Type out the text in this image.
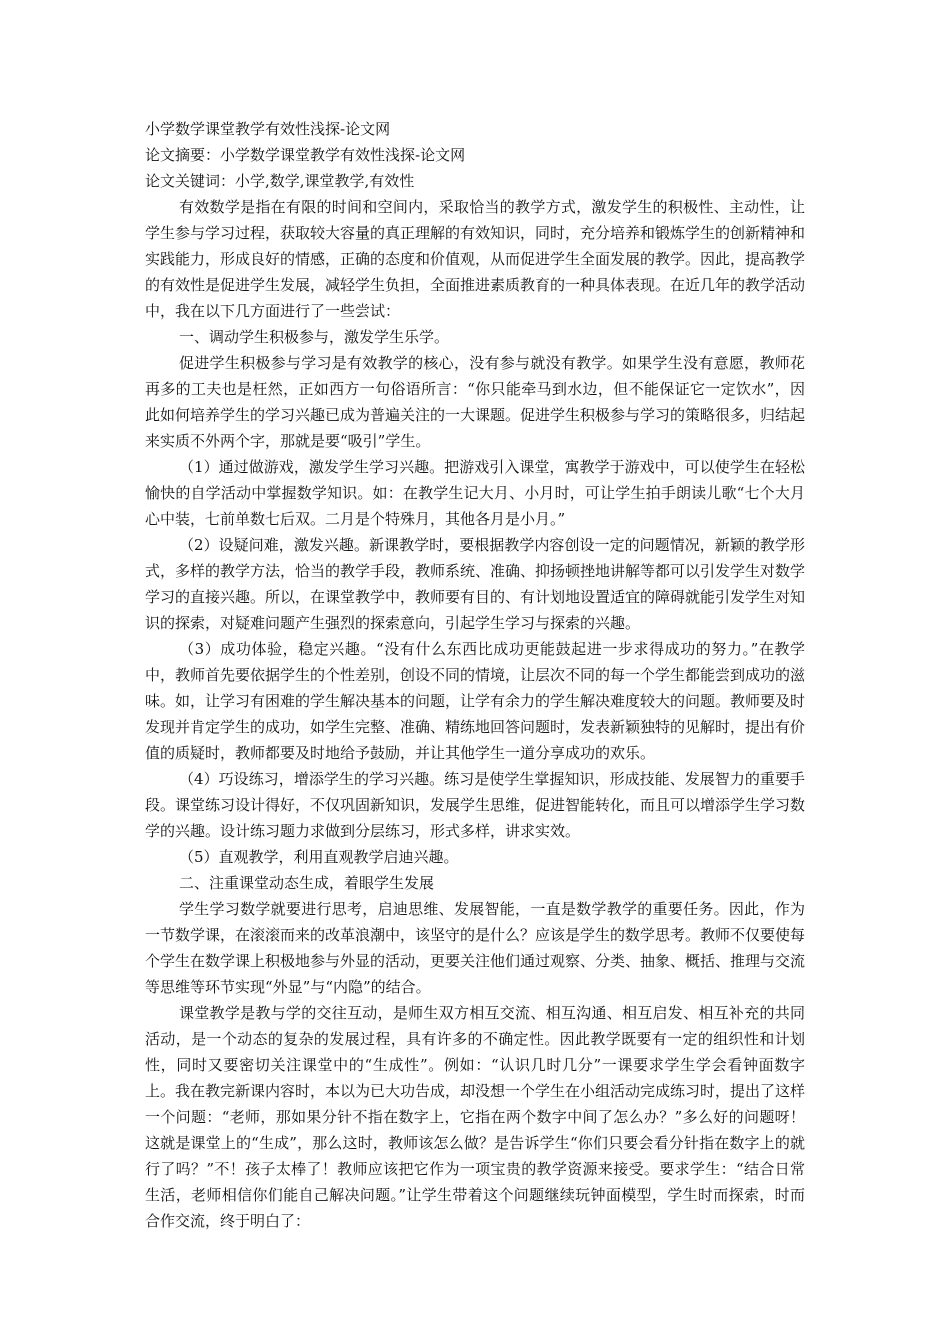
小学数学课堂教学有效性浅探-论文网

论文摘要：小学数学课堂教学有效性浅探-论文网

论文关键词：小学,数学,课堂教学,有效性

有效数学是指在有限的时间和空间内，采取恰当的教学方式，激发学生的积极性、主动性，让学生参与学习过程，获取较大容量的真正理解的有效知识，同时，充分培养和锻炼学生的创新精神和实践能力，形成良好的情感，正确的态度和价值观，从而促进学生全面发展的教学。因此，提高教学的有效性是促进学生发展，减轻学生负担，全面推进素质教育的一种具体表现。在近几年的教学活动中，我在以下几方面进行了一些尝试：

一、调动学生积极参与，激发学生乐学。

促进学生积极参与学习是有效教学的核心，没有参与就没有教学。如果学生没有意愿，教师花再多的工夫也是枉然，正如西方一句俗语所言：“你只能牵马到水边，但不能保证它一定饮水”，因此如何培养学生的学习兴趣已成为普遍关注的一大课题。促进学生积极参与学习的策略很多，归结起来实质不外两个字，那就是要“吸引”学生。

（1）通过做游戏，激发学生学习兴趣。把游戏引入课堂，寓教学于游戏中，可以使学生在轻松愉快的自学活动中掌握数学知识。如：在教学生记大月、小月时，可让学生拍手朗读儿歌“七个大月心中装，七前单数七后双。二月是个特殊月，其他各月是小月。”

（2）设疑问难，激发兴趣。新课教学时，要根据教学内容创设一定的问题情况，新颖的教学形式，多样的教学方法，恰当的教学手段，教师系统、准确、抑扬顿挫地讲解等都可以引发学生对数学学习的直接兴趣。所以，在课堂教学中，教师要有目的、有计划地设置适宜的障碍就能引发学生对知识的探索，对疑难问题产生强烈的探索意向，引起学生学习与探索的兴趣。

（3）成功体验，稳定兴趣。“没有什么东西比成功更能鼓起进一步求得成功的努力。”在教学中，教师首先要依据学生的个性差别，创设不同的情境，让层次不同的每一个学生都能尝到成功的滋味。如，让学习有困难的学生解决基本的问题，让学有余力的学生解决难度较大的问题。教师要及时发现并肯定学生的成功，如学生完整、准确、精练地回答问题时，发表新颖独特的见解时，提出有价值的质疑时，教师都要及时地给予鼓励，并让其他学生一道分享成功的欢乐。

（4）巧设练习，增添学生的学习兴趣。练习是使学生掌握知识，形成技能、发展智力的重要手段。课堂练习设计得好，不仅巩固新知识，发展学生思维，促进智能转化，而且可以增添学生学习数学的兴趣。设计练习题力求做到分层练习，形式多样，讲求实效。

（5）直观教学，利用直观教学启迪兴趣。

二、注重课堂动态生成，着眼学生发展

学生学习数学就要进行思考，启迪思维、发展智能，一直是数学教学的重要任务。因此，作为一节数学课，在滚滚而来的改革浪潮中，该坚守的是什么？应该是学生的数学思考。教师不仅要使每个学生在数学课上积极地参与外显的活动，更要关注他们通过观察、分类、抽象、概括、推理与交流等思维等环节实现“外显”与“内隐”的结合。

课堂教学是教与学的交往互动，是师生双方相互交流、相互沟通、相互启发、相互补充的共同活动，是一个动态的复杂的发展过程，具有许多的不确定性。因此教学既要有一定的组织性和计划性，同时又要密切关注课堂中的“生成性”。例如：“认识几时几分”一课要求学生学会看钟面数字上。我在教完新课内容时，本以为已大功告成，却没想一个学生在小组活动完成练习时，提出了这样一个问题：“老师，那如果分针不指在数字上，它指在两个数字中间了怎么办？”多么好的问题呀！这就是课堂上的“生成”，那么这时，教师该怎么做？是告诉学生“你们只要会看分针指在数字上的就行了吗？”不！孩子太棒了！教师应该把它作为一项宝贵的教学资源来接受。要求学生：“结合日常生活，老师相信你们能自己解决问题。”让学生带着这个问题继续玩钟面模型，学生时而探索，时而合作交流，终于明白了：
